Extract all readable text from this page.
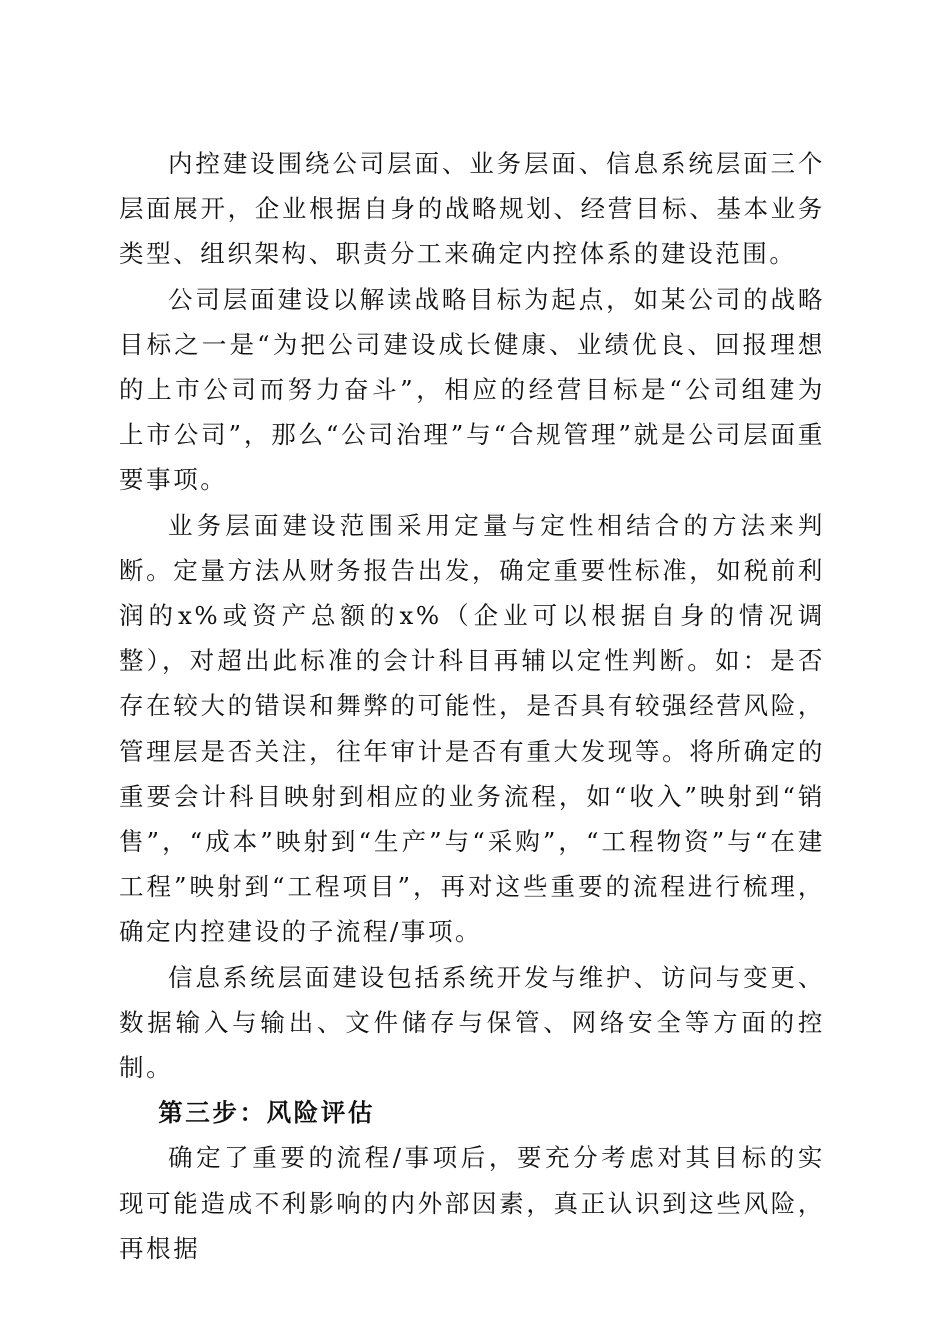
内控建设围绕公司层面、业务层面、信息系统层面三个层面展开，企业根据自身的战略规划、经营目标、基本业务类型、组织架构、职责分工来确定内控体系的建设范围。

公司层面建设以解读战略目标为起点，如某公司的战略目标之一是“为把公司建设成长健康、业绩优良、回报理想的上市公司而努力奋斗”，相应的经营目标是“公司组建为上市公司”，那么“公司治理”与“合规管理”就是公司层面重要事项。

业务层面建设范围采用定量与定性相结合的方法来判断。定量方法从财务报告出发，确定重要性标准，如税前利润的x%或资产总额的x%（企业可以根据自身的情况调整），对超出此标准的会计科目再辅以定性判断。如：是否存在较大的错误和舞弊的可能性，是否具有较强经营风险，管理层是否关注，往年审计是否有重大发现等。将所确定的重要会计科目映射到相应的业务流程，如“收入”映射到“销售”，“成本”映射到“生产”与“采购”，“工程物资”与“在建工程”映射到“工程项目”，再对这些重要的流程进行梳理，确定内控建设的子流程/事项。

信息系统层面建设包括系统开发与维护、访问与变更、数据输入与输出、文件储存与保管、网络安全等方面的控制。

第三步：风险评估

确定了重要的流程/事项后，要充分考虑对其目标的实现可能造成不利影响的内外部因素，真正认识到这些风险，再根据
